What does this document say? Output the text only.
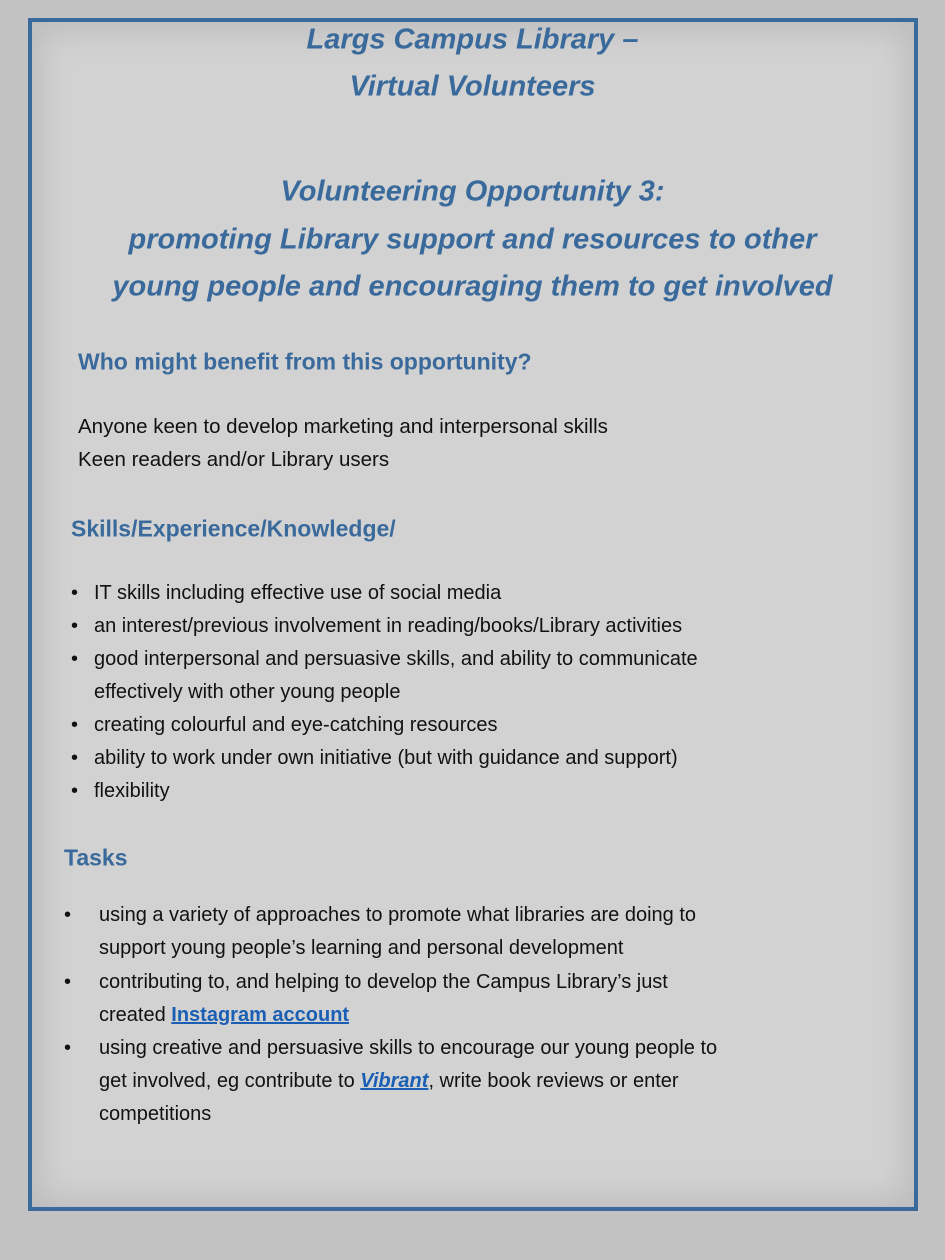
Largs Campus Library –
Virtual Volunteers
Volunteering Opportunity 3:
promoting Library support and resources to other
young people and encouraging them to get involved
Who might benefit from this opportunity?
Anyone keen to develop marketing and interpersonal skills
Keen readers and/or Library users
Skills/Experience/Knowledge/
• IT skills including effective use of social media
• an interest/previous involvement in reading/books/Library activities
• good interpersonal and persuasive skills, and ability to communicate
effectively with other young people
• creating colourful and eye-catching resources
• ability to work under own initiative (but with guidance and support)
• flexibility
Tasks
• using a variety of approaches to promote what libraries are doing to
support young people’s learning and personal development
• contributing to, and helping to develop the Campus Library’s just
created Instagram account
• using creative and persuasive skills to encourage our young people to
get involved, eg contribute to Vibrant, write book reviews or enter
competitions
